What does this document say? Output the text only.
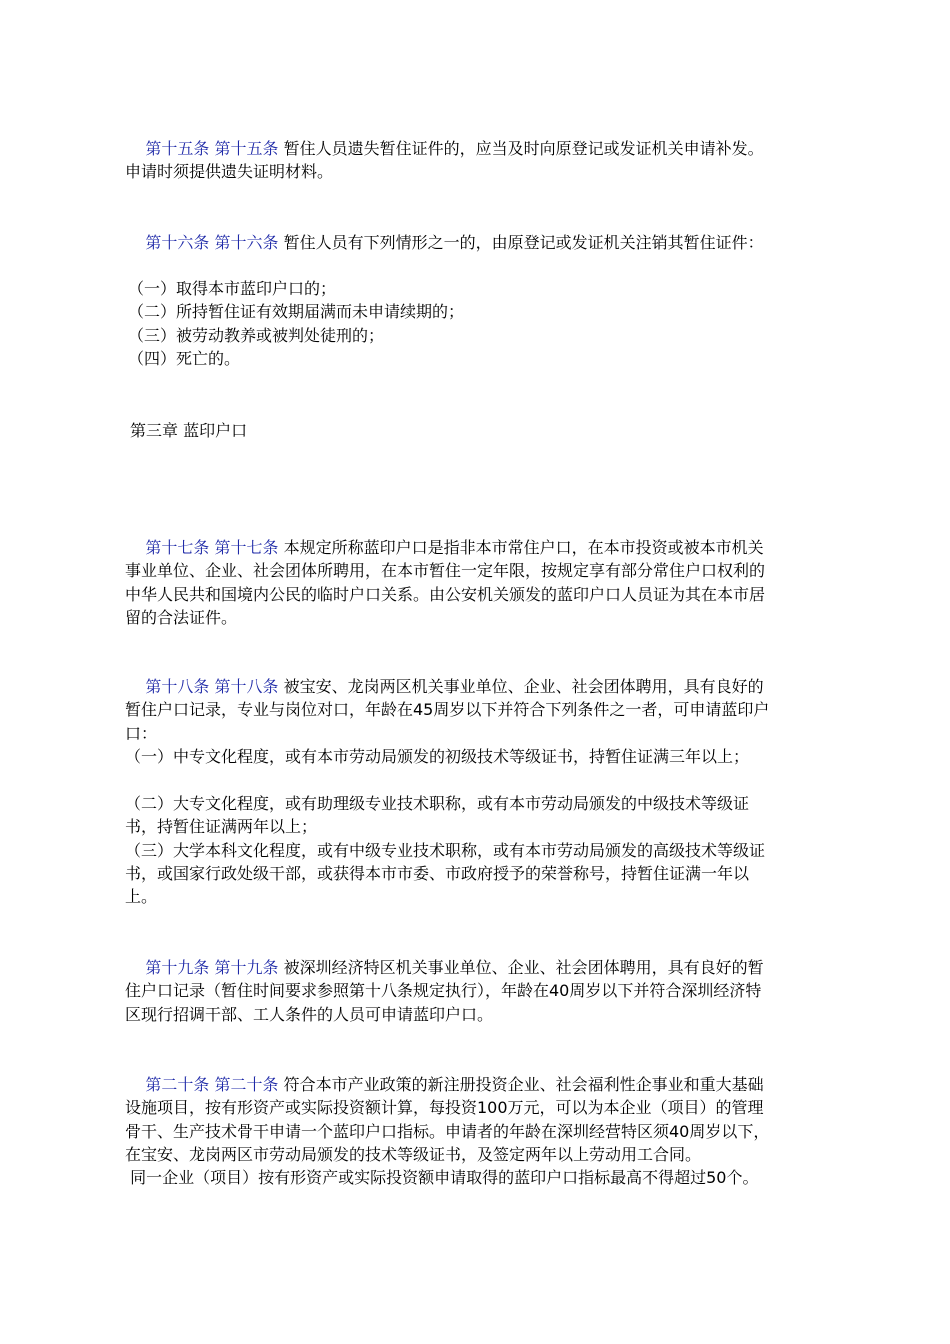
第十五条 第十五条 暂住人员遗失暂住证件的，应当及时向原登记或发证机关申请补发。
申请时须提供遗失证明材料。
第十六条 第十六条 暂住人员有下列情形之一的，由原登记或发证机关注销其暂住证件：
（一）取得本市蓝印户口的；
（二）所持暂住证有效期届满而未申请续期的；
（三）被劳动教养或被判处徒刑的；
（四）死亡的。
第三章 蓝印户口
第十七条 第十七条 本规定所称蓝印户口是指非本市常住户口，在本市投资或被本市机关
事业单位、企业、社会团体所聘用，在本市暂住一定年限，按规定享有部分常住户口权利的
中华人民共和国境内公民的临时户口关系。由公安机关颁发的蓝印户口人员证为其在本市居
留的合法证件。
第十八条 第十八条 被宝安、龙岗两区机关事业单位、企业、社会团体聘用，具有良好的
暂住户口记录，专业与岗位对口，年龄在45周岁以下并符合下列条件之一者，可申请蓝印户
口：
（一）中专文化程度，或有本市劳动局颁发的初级技术等级证书，持暂住证满三年以上；
（二）大专文化程度，或有助理级专业技术职称，或有本市劳动局颁发的中级技术等级证
书，持暂住证满两年以上；
（三）大学本科文化程度，或有中级专业技术职称，或有本市劳动局颁发的高级技术等级证
书，或国家行政处级干部，或获得本市市委、市政府授予的荣誉称号，持暂住证满一年以
上。
第十九条 第十九条 被深圳经济特区机关事业单位、企业、社会团体聘用，具有良好的暂
住户口记录（暂住时间要求参照第十八条规定执行），年龄在40周岁以下并符合深圳经济特
区现行招调干部、工人条件的人员可申请蓝印户口。
第二十条 第二十条 符合本市产业政策的新注册投资企业、社会福利性企事业和重大基础
设施项目，按有形资产或实际投资额计算，每投资100万元，可以为本企业（项目）的管理
骨干、生产技术骨干申请一个蓝印户口指标。申请者的年龄在深圳经营特区须40周岁以下，
在宝安、龙岗两区市劳动局颁发的技术等级证书，及签定两年以上劳动用工合同。
同一企业（项目）按有形资产或实际投资额申请取得的蓝印户口指标最高不得超过50个。
